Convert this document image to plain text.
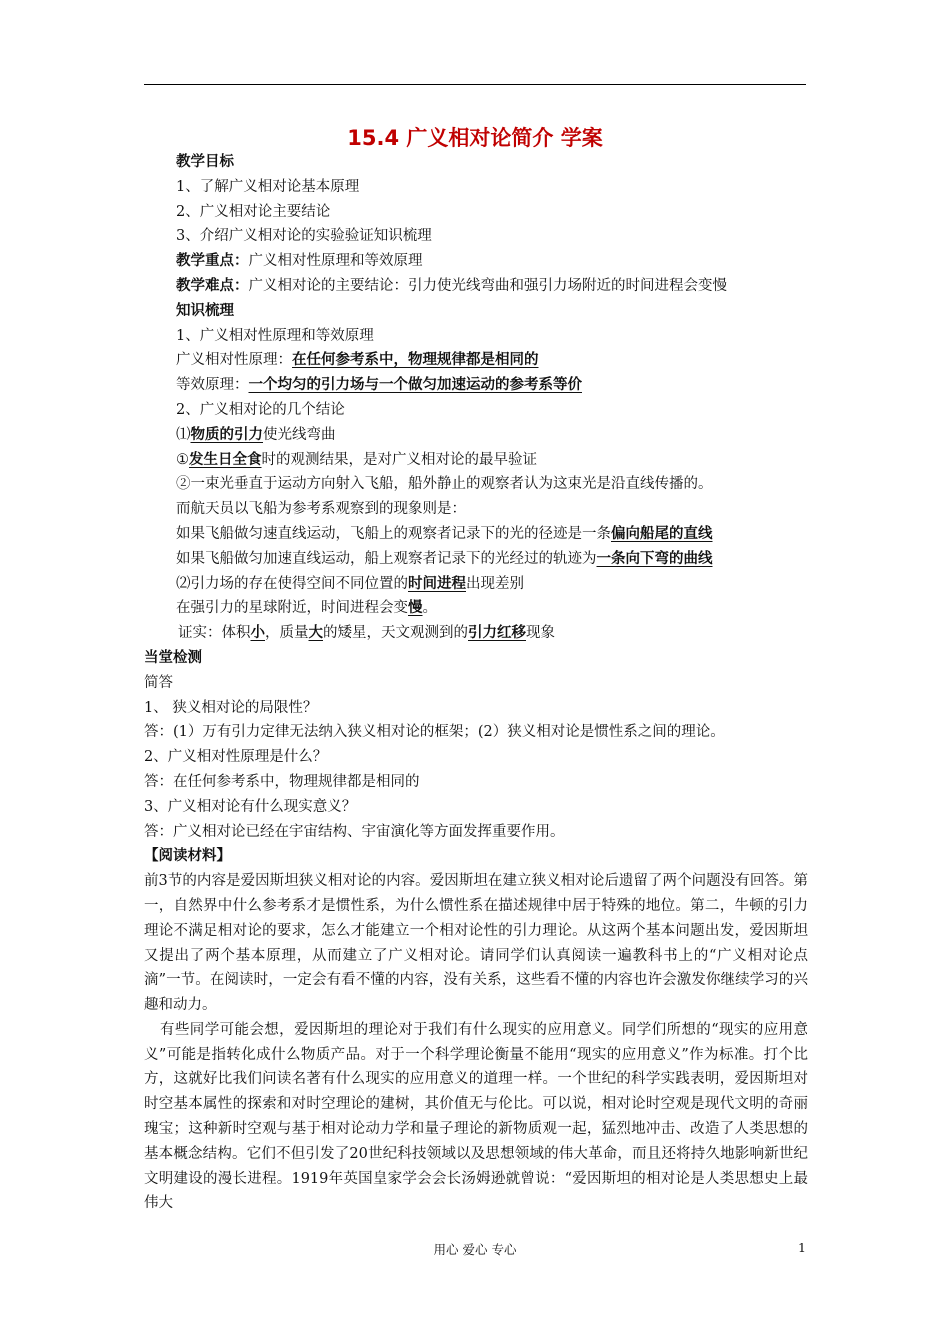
15.4 广义相对论简介 学案
教学目标
1、了解广义相对论基本原理
2、广义相对论主要结论
3、介绍广义相对论的实验验证知识梳理
教学重点：广义相对性原理和等效原理
教学难点：广义相对论的主要结论：引力使光线弯曲和强引力场附近的时间进程会变慢
知识梳理
1、广义相对性原理和等效原理
广义相对性原理：在任何参考系中，物理规律都是相同的
等效原理：一个均匀的引力场与一个做匀加速运动的参考系等价
2、广义相对论的几个结论
⑴物质的引力使光线弯曲
①发生日全食时的观测结果，是对广义相对论的最早验证
②一束光垂直于运动方向射入飞船，船外静止的观察者认为这束光是沿直线传播的。
而航天员以飞船为参考系观察到的现象则是：
如果飞船做匀速直线运动，飞船上的观察者记录下的光的径迹是一条偏向船尾的直线
如果飞船做匀加速直线运动，船上观察者记录下的光经过的轨迹为一条向下弯的曲线
⑵引力场的存在使得空间不同位置的时间进程出现差别
在强引力的星球附近，时间进程会变慢。
证实：体积小，质量大的矮星，天文观测到的引力红移现象
当堂检测
简答
1、 狭义相对论的局限性？
答：(1）万有引力定律无法纳入狭义相对论的框架；(2）狭义相对论是惯性系之间的理论。
2、广义相对性原理是什么？
答：在任何参考系中，物理规律都是相同的
3、广义相对论有什么现实意义？
答：广义相对论已经在宇宙结构、宇宙演化等方面发挥重要作用。
【阅读材料】

前3节的内容是爱因斯坦狭义相对论的内容。爱因斯坦在建立狭义相对论后遗留了两个问题没有回答。第一，自然界中什么参考系才是惯性系，为什么惯性系在描述规律中居于特殊的地位。第二，牛顿的引力理论不满足相对论的要求，怎么才能建立一个相对论性的引力理论。从这两个基本问题出发，爱因斯坦又提出了两个基本原理，从而建立了广义相对论。请同学们认真阅读一遍教科书上的“广义相对论点滴”一节。在阅读时，一定会有看不懂的内容，没有关系，这些看不懂的内容也许会激发你继续学习的兴趣和动力。

有些同学可能会想，爱因斯坦的理论对于我们有什么现实的应用意义。同学们所想的“现实的应用意义”可能是指转化成什么物质产品。对于一个科学理论衡量不能用“现实的应用意义”作为标准。打个比方，这就好比我们问读名著有什么现实的应用意义的道理一样。一个世纪的科学实践表明，爱因斯坦对时空基本属性的探索和对时空理论的建树，其价值无与伦比。可以说，相对论时空观是现代文明的奇丽瑰宝；这种新时空观与基于相对论动力学和量子理论的新物质观一起，猛烈地冲击、改造了人类思想的基本概念结构。它们不但引发了20世纪科技领域以及思想领域的伟大革命，而且还将持久地影响新世纪文明建设的漫长进程。1919年英国皇家学会会长汤姆逊就曾说：“爱因斯坦的相对论是人类思想史上最伟大

用心 爱心 专心	1
